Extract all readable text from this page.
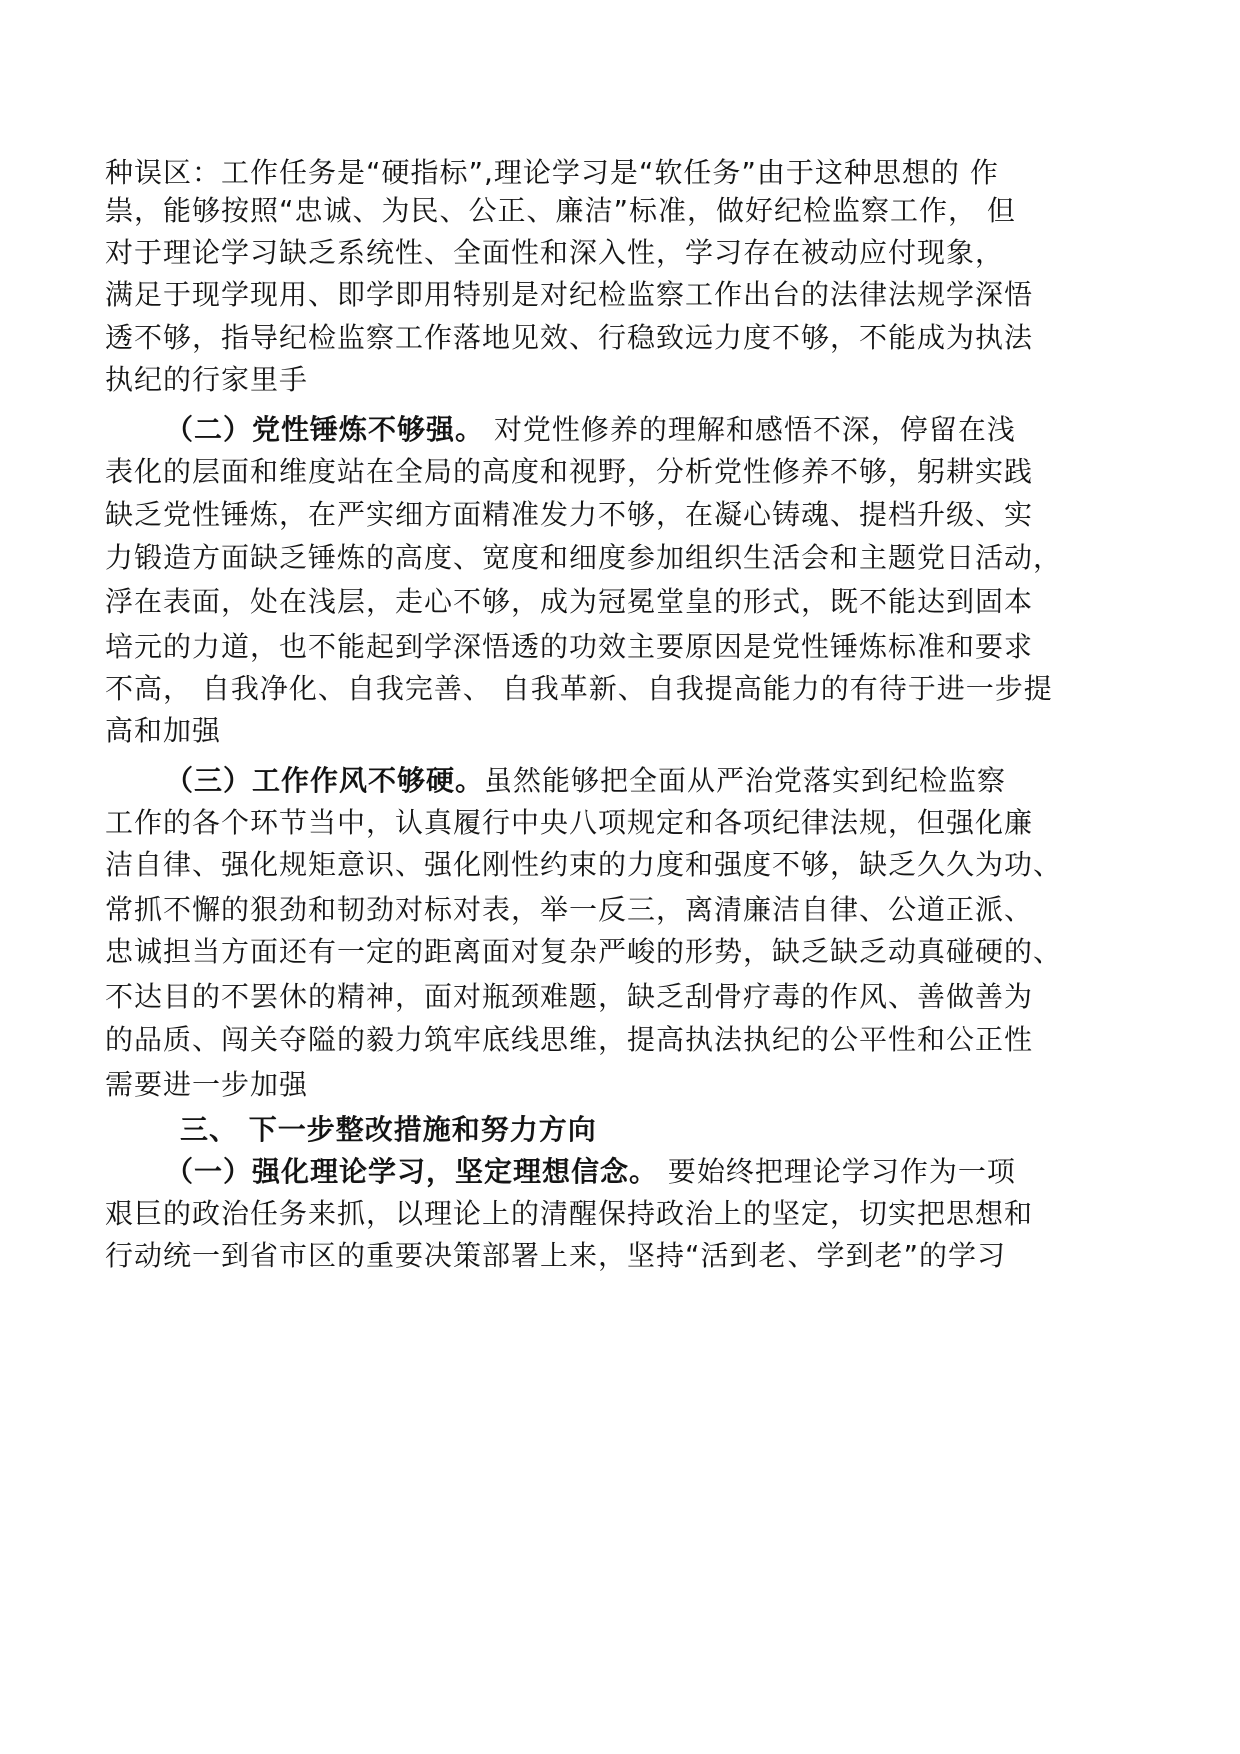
种误区：工作任务是“硬指标”,理论学习是“软任务”由于这种思想的 作
祟，能够按照“忠诚、为民、公正、廉洁”标准，做好纪检监察工作， 但
对于理论学习缺乏系统性、全面性和深入性，学习存在被动应付现象，
满足于现学现用、即学即用特别是对纪检监察工作出台的法律法规学深悟
透不够，指导纪检监察工作落地见效、行稳致远力度不够，不能成为执法
执纪的行家里手
（二）党性锤炼不够强。 对党性修养的理解和感悟不深，停留在浅
表化的层面和维度站在全局的高度和视野，分析党性修养不够，躬耕实践
缺乏党性锤炼，在严实细方面精准发力不够，在凝心铸魂、提档升级、实
力锻造方面缺乏锤炼的高度、宽度和细度参加组织生活会和主题党日活动，
浮在表面，处在浅层，走心不够，成为冠冕堂皇的形式，既不能达到固本
培元的力道，也不能起到学深悟透的功效主要原因是党性锤炼标准和要求
不高， 自我净化、自我完善、 自我革新、自我提高能力的有待于进一步提
高和加强
（三）工作作风不够硬。虽然能够把全面从严治党落实到纪检监察
工作的各个环节当中，认真履行中央八项规定和各项纪律法规，但强化廉
洁自律、强化规矩意识、强化刚性约束的力度和强度不够，缺乏久久为功、
常抓不懈的狠劲和韧劲对标对表，举一反三，离清廉洁自律、公道正派、
忠诚担当方面还有一定的距离面对复杂严峻的形势，缺乏缺乏动真碰硬的、
不达目的不罢休的精神，面对瓶颈难题，缺乏刮骨疗毒的作风、善做善为
的品质、闯关夺隘的毅力筑牢底线思维，提高执法执纪的公平性和公正性
需要进一步加强
三、 下一步整改措施和努力方向
（一）强化理论学习，坚定理想信念。 要始终把理论学习作为一项
艰巨的政治任务来抓，以理论上的清醒保持政治上的坚定，切实把思想和
行动统一到省市区的重要决策部署上来，坚持“活到老、学到老”的学习
